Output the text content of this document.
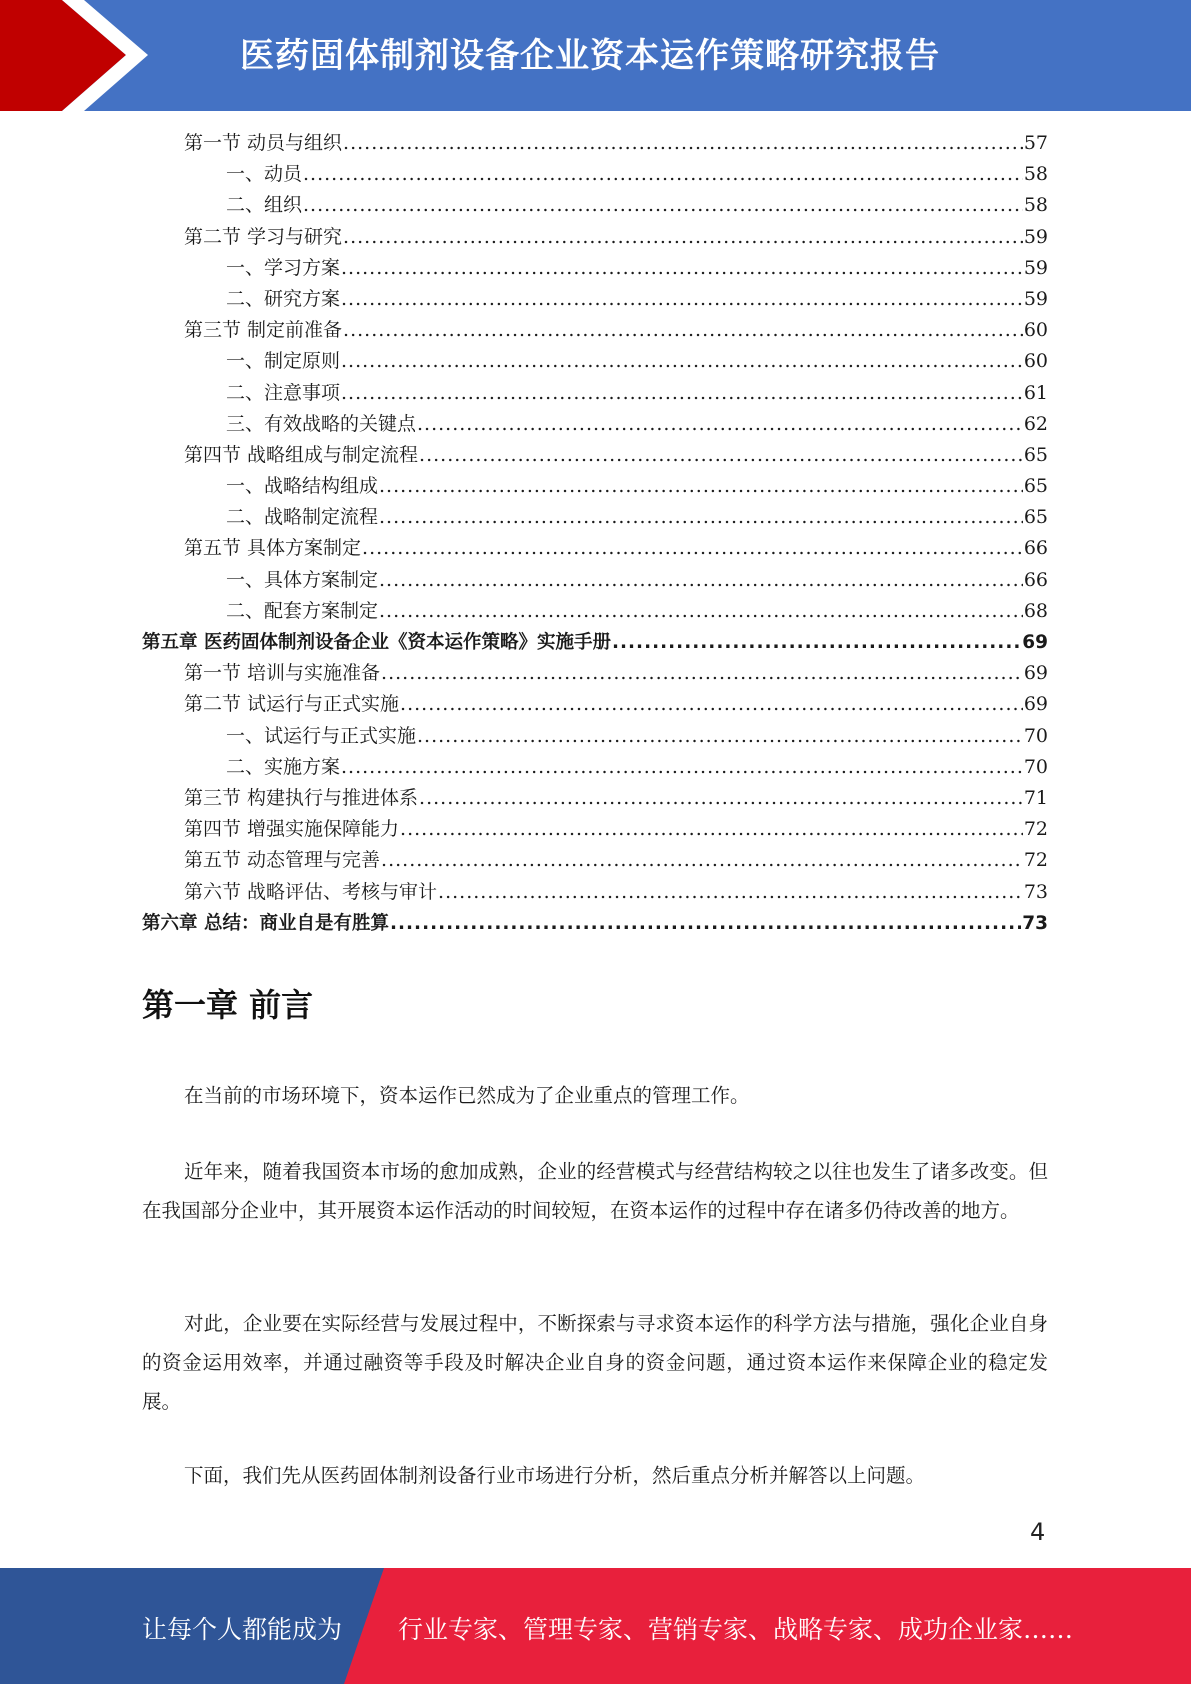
医药固体制剂设备企业资本运作策略研究报告
第一节 动员与组织 .....	57
一、动员 .....	58
二、组织 .....	58
第二节 学习与研究 .....	59
一、学习方案 .....	59
二、研究方案 .....	59
第三节 制定前准备 .....	60
一、制定原则 .....	60
二、注意事项 .....	61
三、有效战略的关键点 .....	62
第四节 战略组成与制定流程 .....	65
一、战略结构组成 .....	65
二、战略制定流程 .....	65
第五节 具体方案制定 .....	66
一、具体方案制定 .....	66
二、配套方案制定 .....	68
第五章 医药固体制剂设备企业《资本运作策略》实施手册 .....	69
第一节 培训与实施准备 .....	69
第二节 试运行与正式实施 .....	69
一、试运行与正式实施 .....	70
二、实施方案 .....	70
第三节 构建执行与推进体系 .....	71
第四节 增强实施保障能力 .....	72
第五节 动态管理与完善 .....	72
第六节 战略评估、考核与审计 .....	73
第六章 总结：商业自是有胜算 .....	73
第一章 前言

在当前的市场环境下，资本运作已然成为了企业重点的管理工作。

近年来，随着我国资本市场的愈加成熟，企业的经营模式与经营结构较之以往也发生了诸多改变。但在我国部分企业中，其开展资本运作活动的时间较短，在资本运作的过程中存在诸多仍待改善的地方。

对此，企业要在实际经营与发展过程中，不断探索与寻求资本运作的科学方法与措施，强化企业自身的资金运用效率，并通过融资等手段及时解决企业自身的资金问题，通过资本运作来保障企业的稳定发展。

下面，我们先从医药固体制剂设备行业市场进行分析，然后重点分析并解答以上问题。

4
让每个人都能成为 行业专家、管理专家、营销专家、战略专家、成功企业家……
